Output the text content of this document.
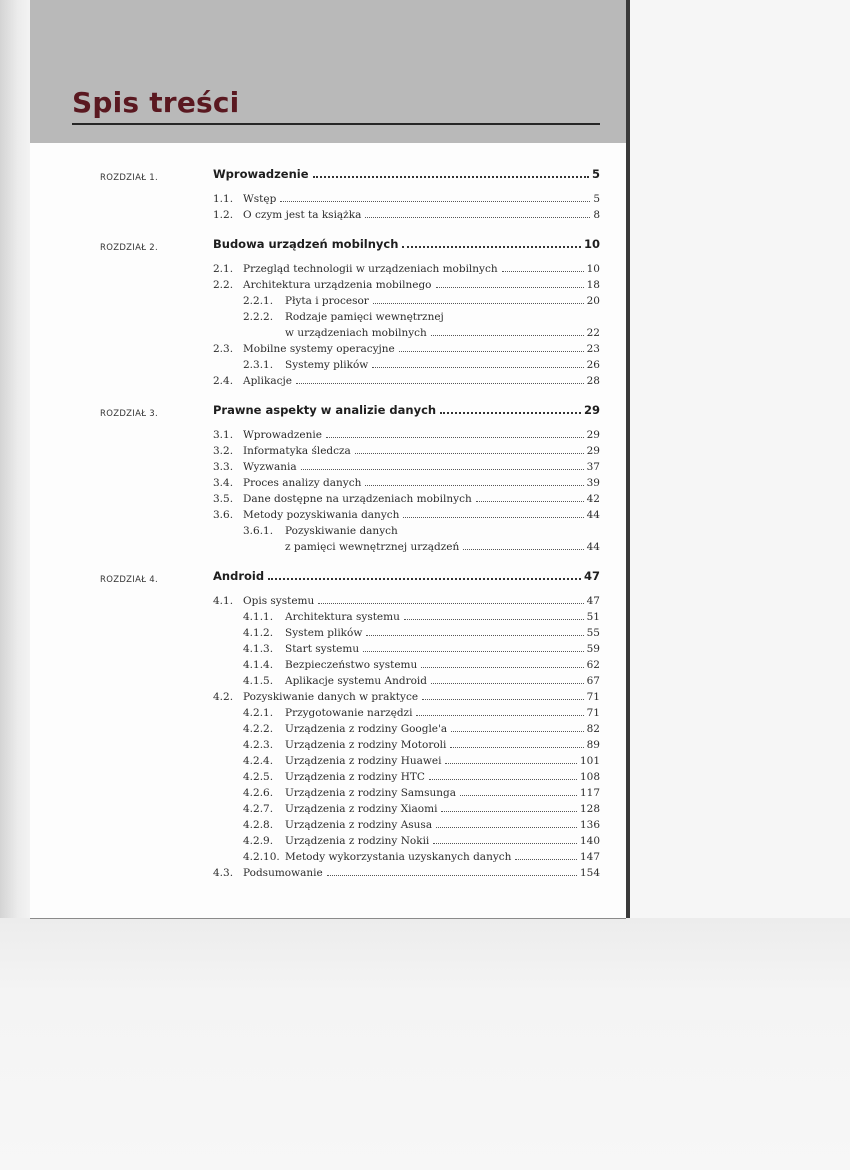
Spis treści
ROZDZIAŁ 1.	Wprowadzenie	5
1.1. Wstęp	5
1.2. O czym jest ta książka	8
ROZDZIAŁ 2.	Budowa urządzeń mobilnych	10
2.1. Przegląd technologii w urządzeniach mobilnych	10
2.2. Architektura urządzenia mobilnego	18
2.2.1.	Płyta i procesor	20
2.2.2.	Rodzaje pamięci wewnętrznej
w urządzeniach mobilnych	22
2.3. Mobilne systemy operacyjne	23
2.3.1.	Systemy plików	26
2.4. Aplikacje	28
ROZDZIAŁ 3.	Prawne aspekty w analizie danych	29
3.1. Wprowadzenie	29
3.2. Informatyka śledcza	29
3.3. Wyzwania	37
3.4. Proces analizy danych	39
3.5. Dane dostępne na urządzeniach mobilnych	42
3.6. Metody pozyskiwania danych	44
3.6.1.	Pozyskiwanie danych
z pamięci wewnętrznej urządzeń	44
ROZDZIAŁ 4.	Android	47
4.1. Opis systemu	47
4.1.1.	Architektura systemu	51
4.1.2.	System plików	55
4.1.3.	Start systemu	59
4.1.4.	Bezpieczeństwo systemu	62
4.1.5.	Aplikacje systemu Android	67
4.2. Pozyskiwanie danych w praktyce	71
4.2.1.	Przygotowanie narzędzi	71
4.2.2.	Urządzenia z rodziny Google'a	82
4.2.3.	Urządzenia z rodziny Motoroli	89
4.2.4.	Urządzenia z rodziny Huawei	101
4.2.5.	Urządzenia z rodziny HTC	108
4.2.6.	Urządzenia z rodziny Samsunga	117
4.2.7.	Urządzenia z rodziny Xiaomi	128
4.2.8.	Urządzenia z rodziny Asusa	136
4.2.9.	Urządzenia z rodziny Nokii	140
4.2.10. Metody wykorzystania uzyskanych danych	147
4.3. Podsumowanie	154
